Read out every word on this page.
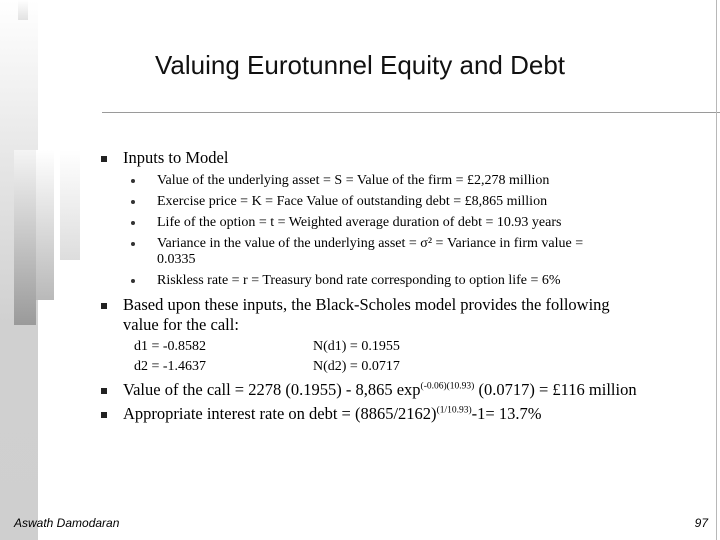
Valuing Eurotunnel Equity and Debt
Inputs to Model
Value of the underlying asset = S = Value of the firm = £2,278 million
Exercise price = K = Face Value of outstanding debt = £8,865 million
Life of the option = t = Weighted average duration of debt = 10.93 years
Variance in the value of the underlying asset = σ² = Variance in firm value =
0.0335
Riskless rate = r = Treasury bond rate corresponding to option life = 6%
Based upon these inputs, the Black-Scholes model provides the following
value for the call:
d1 = -0.8582	N(d1) = 0.1955
d2 = -1.4637	N(d2) = 0.0717
Value of the call = 2278 (0.1955) - 8,865 $\exp^{(-0.06)(10.93)} (0.0717)$ = £116 million
Appropriate interest rate on debt = $(8865/2162)^{(1/10.93)}-1= 13.7\%$
Aswath Damodaran	97
